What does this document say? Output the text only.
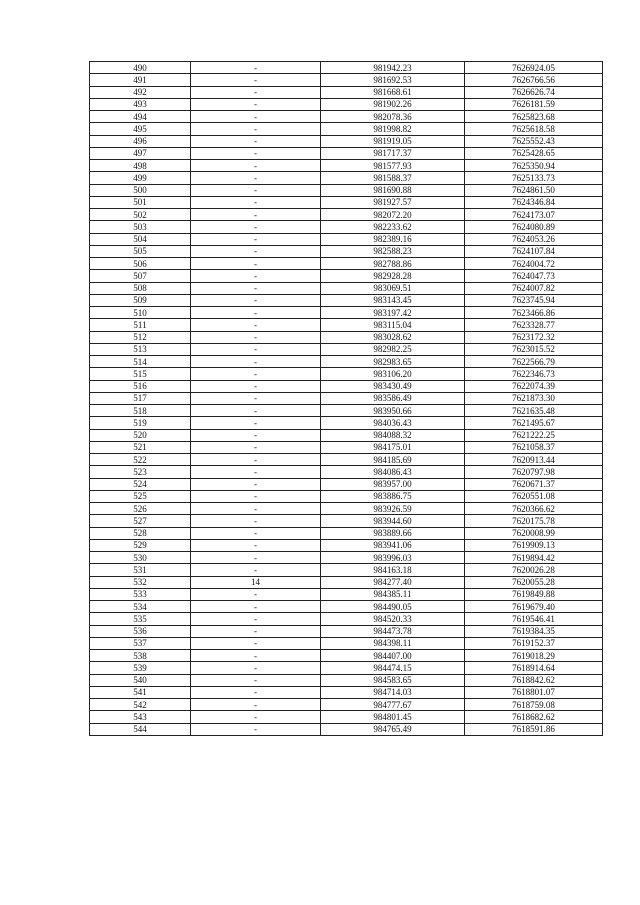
490	-	981942.23	7626924.05
491	-	981692.53	7626766.56
492	-	981668.61	7626626.74
493	-	981902.26	7626181.59
494	-	982078.36	7625823.68
495	-	981998.82	7625618.58
496	-	981919.05	7625552.43
497	-	981717.37	7625428.65
498	-	981577.93	7625350.94
499	-	981588.37	7625133.73
500	-	981690.88	7624861.50
501	-	981927.57	7624346.84
502	-	982072.20	7624173.07
503	-	982233.62	7624080.89
504	-	982389.16	7624053.26
505	-	982588.23	7624107.84
506	-	982788.86	7624004.72
507	-	982928.28	7624047.73
508	-	983069.51	7624007.82
509	-	983143.45	7623745.94
510	-	983197.42	7623466.86
511	-	983115.04	7623328.77
512	-	983028.62	7623172.32
513	-	982982.25	7623015.52
514	-	982983.65	7622566.79
515	-	983106.20	7622346.73
516	-	983430.49	7622074.39
517	-	983586.49	7621873.30
518	-	983950.66	7621635.48
519	-	984036.43	7621495.67
520	-	984088.32	7621222.25
521	-	984175.01	7621058.37
522	-	984185.69	7620913.44
523	-	984086.43	7620797.98
524	-	983957.00	7620671.37
525	-	983886.75	7620551.08
526	-	983926.59	7620366.62
527	-	983944.60	7620175.78
528	-	983889.66	7620008.99
529	-	983941.06	7619909.13
530	-	983996.03	7619894.42
531	-	984163.18	7620026.28
532	14	984277.40	7620055.28
533	-	984385.11	7619849.88
534	-	984490.05	7619679.40
535	-	984520.33	7619546.41
536	-	984473.78	7619384.35
537	-	984398.11	7619152.37
538	-	984407.00	7619018.29
539	-	984474.15	7618914.64
540	-	984583.65	7618842.62
541	-	984714.03	7618801.07
542	-	984777.67	7618759.08
543	-	984801.45	7618682.62
544	-	984765.49	7618591.86
